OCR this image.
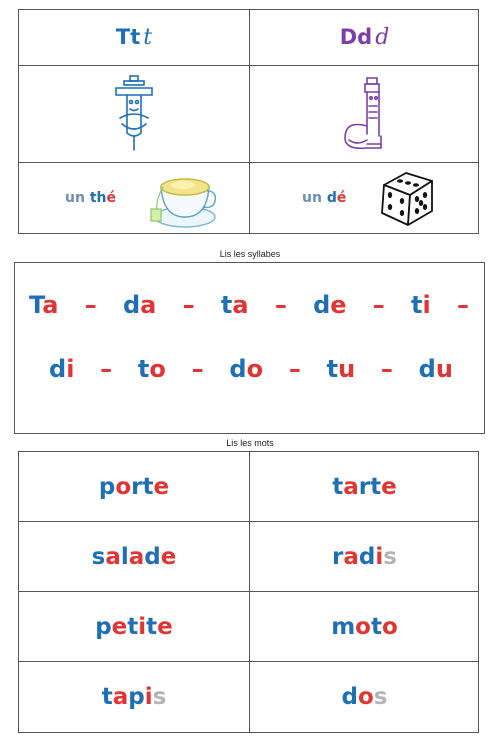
Tt t	Dd d
un thé	un dé
Lis les syllabes
Ta – da – ta – de – ti –
di – to – do – tu – du
Lis les mots
porte	tarte
salade	radis
petite	moto
tapis	dos
